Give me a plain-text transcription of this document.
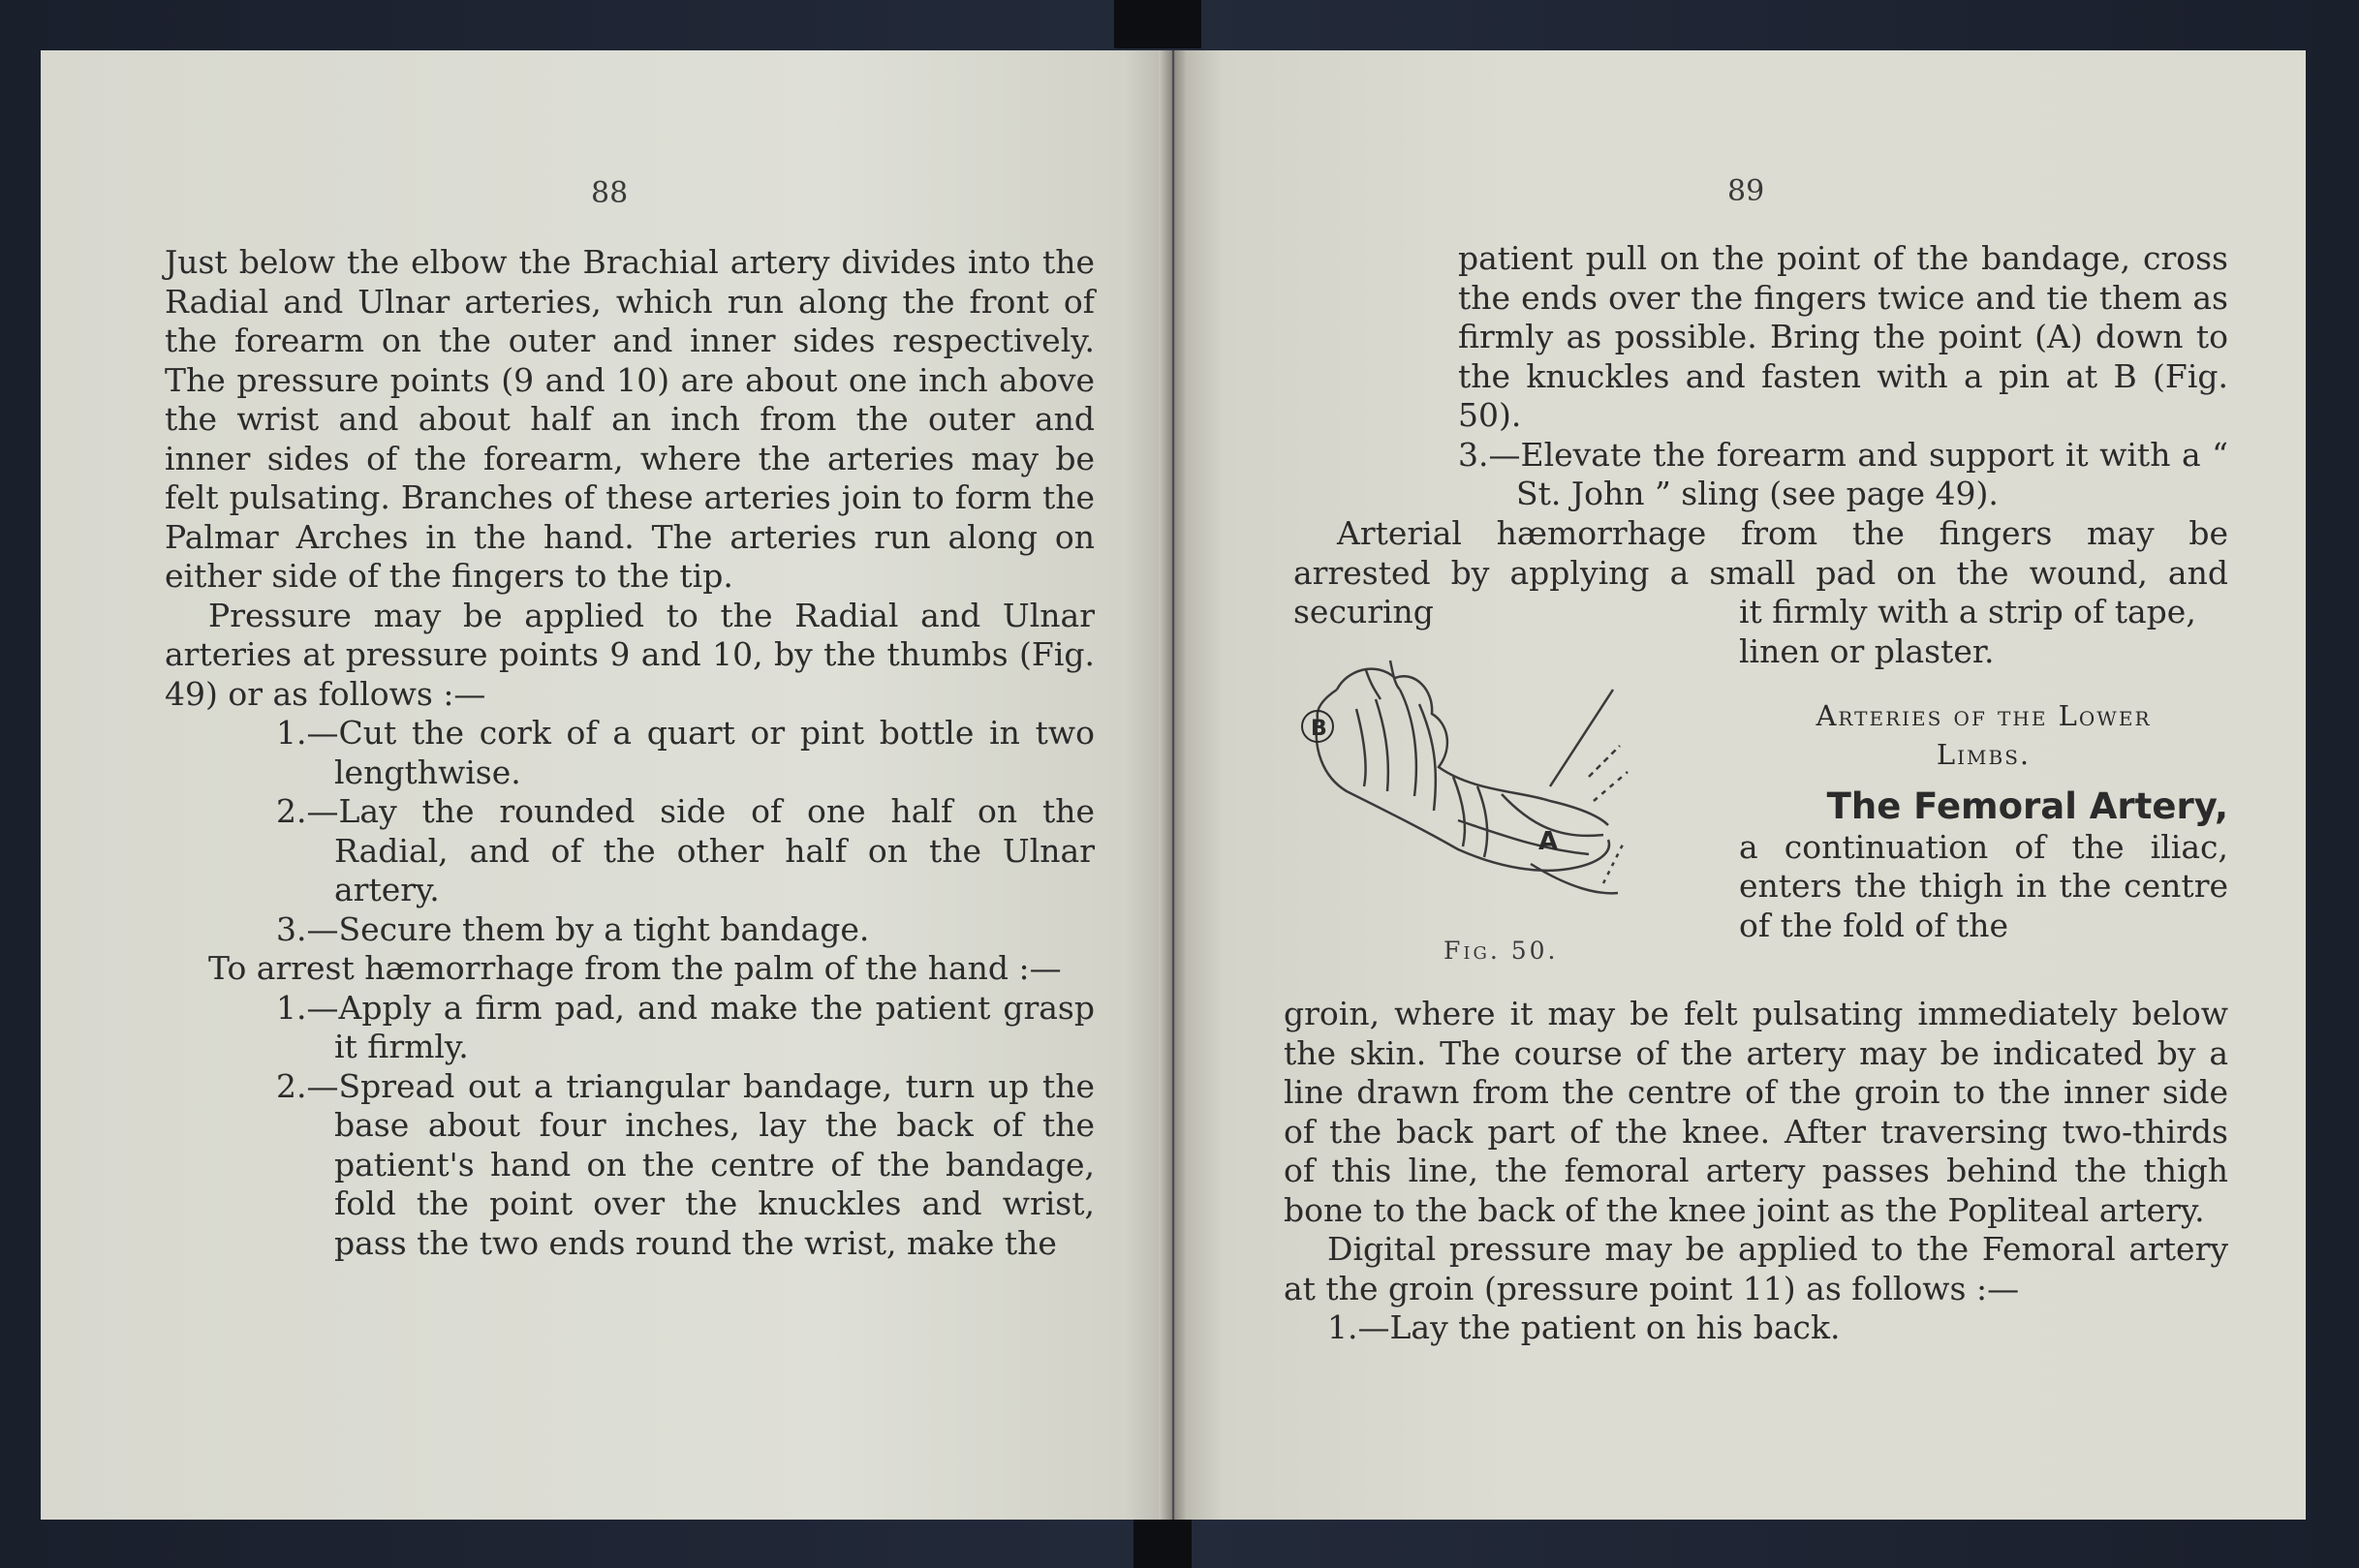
88

Just below the elbow the Brachial artery divides into the Radial and Ulnar arteries, which run along the front of the forearm on the outer and inner sides respectively. The pressure points (9 and 10) are about one inch above the wrist and about half an inch from the outer and inner sides of the forearm, where the arteries may be felt pulsating. Branches of these arteries join to form the Palmar Arches in the hand. The arteries run along on either side of the fingers to the tip.

Pressure may be applied to the Radial and Ulnar arteries at pressure points 9 and 10, by the thumbs (Fig. 49) or as follows :—

1.—Cut the cork of a quart or pint bottle in two lengthwise.

2.—Lay the rounded side of one half on the Radial, and of the other half on the Ulnar artery.

3.—Secure them by a tight bandage.

To arrest hæmorrhage from the palm of the hand :—

1.—Apply a firm pad, and make the patient grasp it firmly.

2.—Spread out a triangular bandage, turn up the base about four inches, lay the back of the patient's hand on the centre of the bandage, fold the point over the knuckles and wrist, pass the two ends round the wrist, make the

89

patient pull on the point of the bandage, cross the ends over the fingers twice and tie them as firmly as possible. Bring the point (A) down to the knuckles and fasten with a pin at B (Fig. 50).

3.—Elevate the forearm and support it with a “ St. John ” sling (see page 49).

Arterial hæmorrhage from the fingers may be arrested by applying a small pad on the wound, and securing	it firmly with a strip of tape, linen or plaster.

Arteries of the Lower
Limbs.

The Femoral Artery,

a continuation of the iliac, enters the thigh in the centre of the fold of the

B
A
Fig. 50.

groin, where it may be felt pulsating immediately below the skin. The course of the artery may be indicated by a line drawn from the centre of the groin to the inner side of the back part of the knee. After traversing two-thirds of this line, the femoral artery passes behind the thigh bone to the back of the knee joint as the Popliteal artery.

Digital pressure may be applied to the Femoral artery at the groin (pressure point 11) as follows :—

1.—Lay the patient on his back.
